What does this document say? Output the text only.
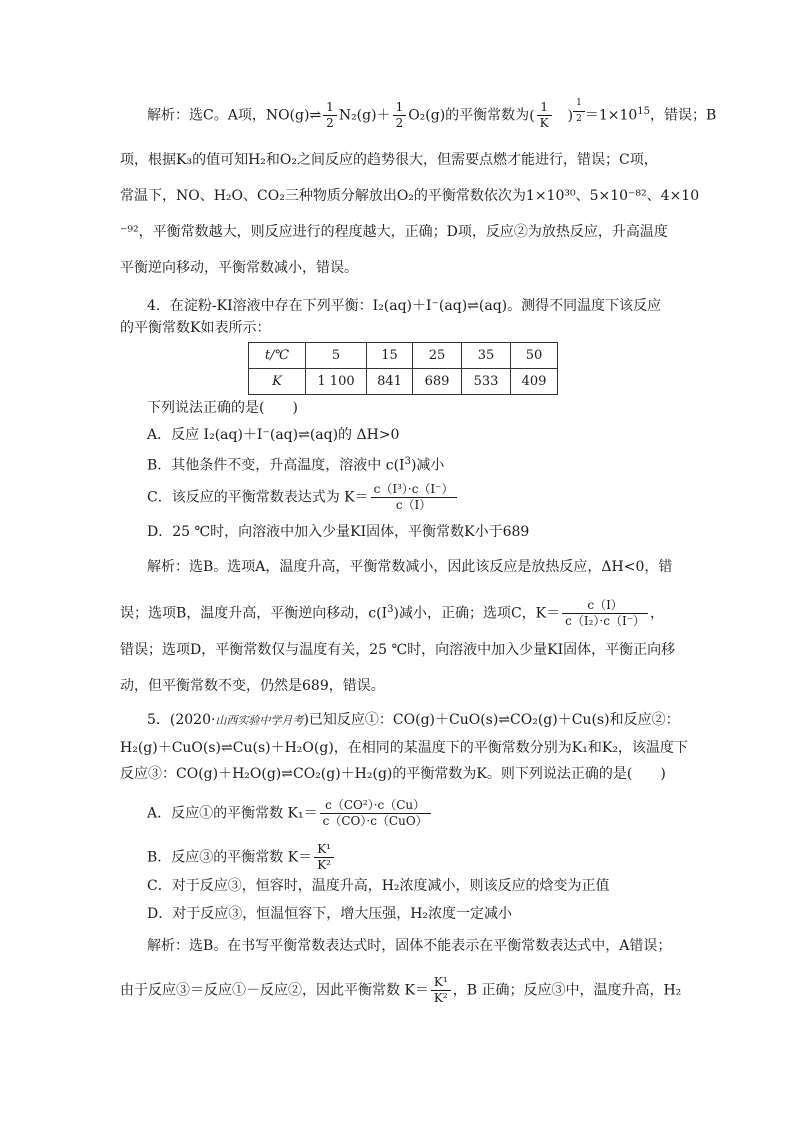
解析：选C。A项，NO(g)⇌ $\frac{1}{2} N_2(g)+ \frac{1}{2} O_2(g)$的平衡常数为( $\frac{1}{K}$ 　) $^{\frac{1}{2}} =1\times 10^{15}$，错误；B
项，根据K₃的值可知H₂和O₂之间反应的趋势很大，但需要点燃才能进行，错误；C项，
常温下，NO、H₂O、CO₂三种物质分解放出O₂的平衡常数依次为1×10³⁰、5×10⁻⁸²、4×10
⁻⁹²，平衡常数越大，则反应进行的程度越大，正确；D项，反应②为放热反应，升高温度
平衡逆向移动，平衡常数减小，错误。
4．在淀粉-KI溶液中存在下列平衡：I₂(aq)＋I⁻(aq)⇌(aq)。测得不同温度下该反应
的平衡常数K如表所示：
t/℃	5	15	25	35	50
K	1 100	841	689	533	409
下列说法正确的是(　　)
A．反应 I₂(aq)＋I⁻(aq)⇌(aq)的 ΔH>0
B．其他条件不变，升高温度，溶液中 $c(I^3)$减小
C．该反应的平衡常数表达式为 $K= \frac{\text{c（I³）·c（I⁻）}}{c(I)}$
D．25 ℃时，向溶液中加入少量KI固体，平衡常数K小于689
解析：选B。选项A，温度升高，平衡常数减小，因此该反应是放热反应，ΔH<0，错
误；选项B，温度升高，平衡逆向移动，$c(I^3)$减小，正确；选项C，$K= \frac{c(I)}{\text{c（I₂）·c（I⁻）}}$ ，
错误；选项D，平衡常数仅与温度有关，25 ℃时，向溶液中加入少量KI固体，平衡正向移
动，但平衡常数不变，仍然是689，错误。
5．(2020·山西实验中学月考)已知反应①：CO(g)＋CuO(s)⇌CO₂(g)＋Cu(s)和反应②：
H₂(g)＋CuO(s)⇌Cu(s)＋H₂O(g)，在相同的某温度下的平衡常数分别为K₁和K₂，该温度下
反应③：CO(g)＋H₂O(g)⇌CO₂(g)＋H₂(g)的平衡常数为K。则下列说法正确的是(　　)
A．反应①的平衡常数 $K_1= \frac{\text{c（CO²）·c（Cu）}}{\text{c（CO）·c（CuO）}}$
B．反应③的平衡常数 $K= \frac{\text{K¹}}{\text{K²}}$
C．对于反应③，恒容时，温度升高，H₂浓度减小，则该反应的焓变为正值
D．对于反应③，恒温恒容下，增大压强，H₂浓度一定减小
解析：选B。在书写平衡常数表达式时，固体不能表示在平衡常数表达式中，A错误；
由于反应③＝反应①－反应②，因此平衡常数 $K= \frac{\text{K¹}}{\text{K²}}$ ，B 正确；反应③中，温度升高，H₂
